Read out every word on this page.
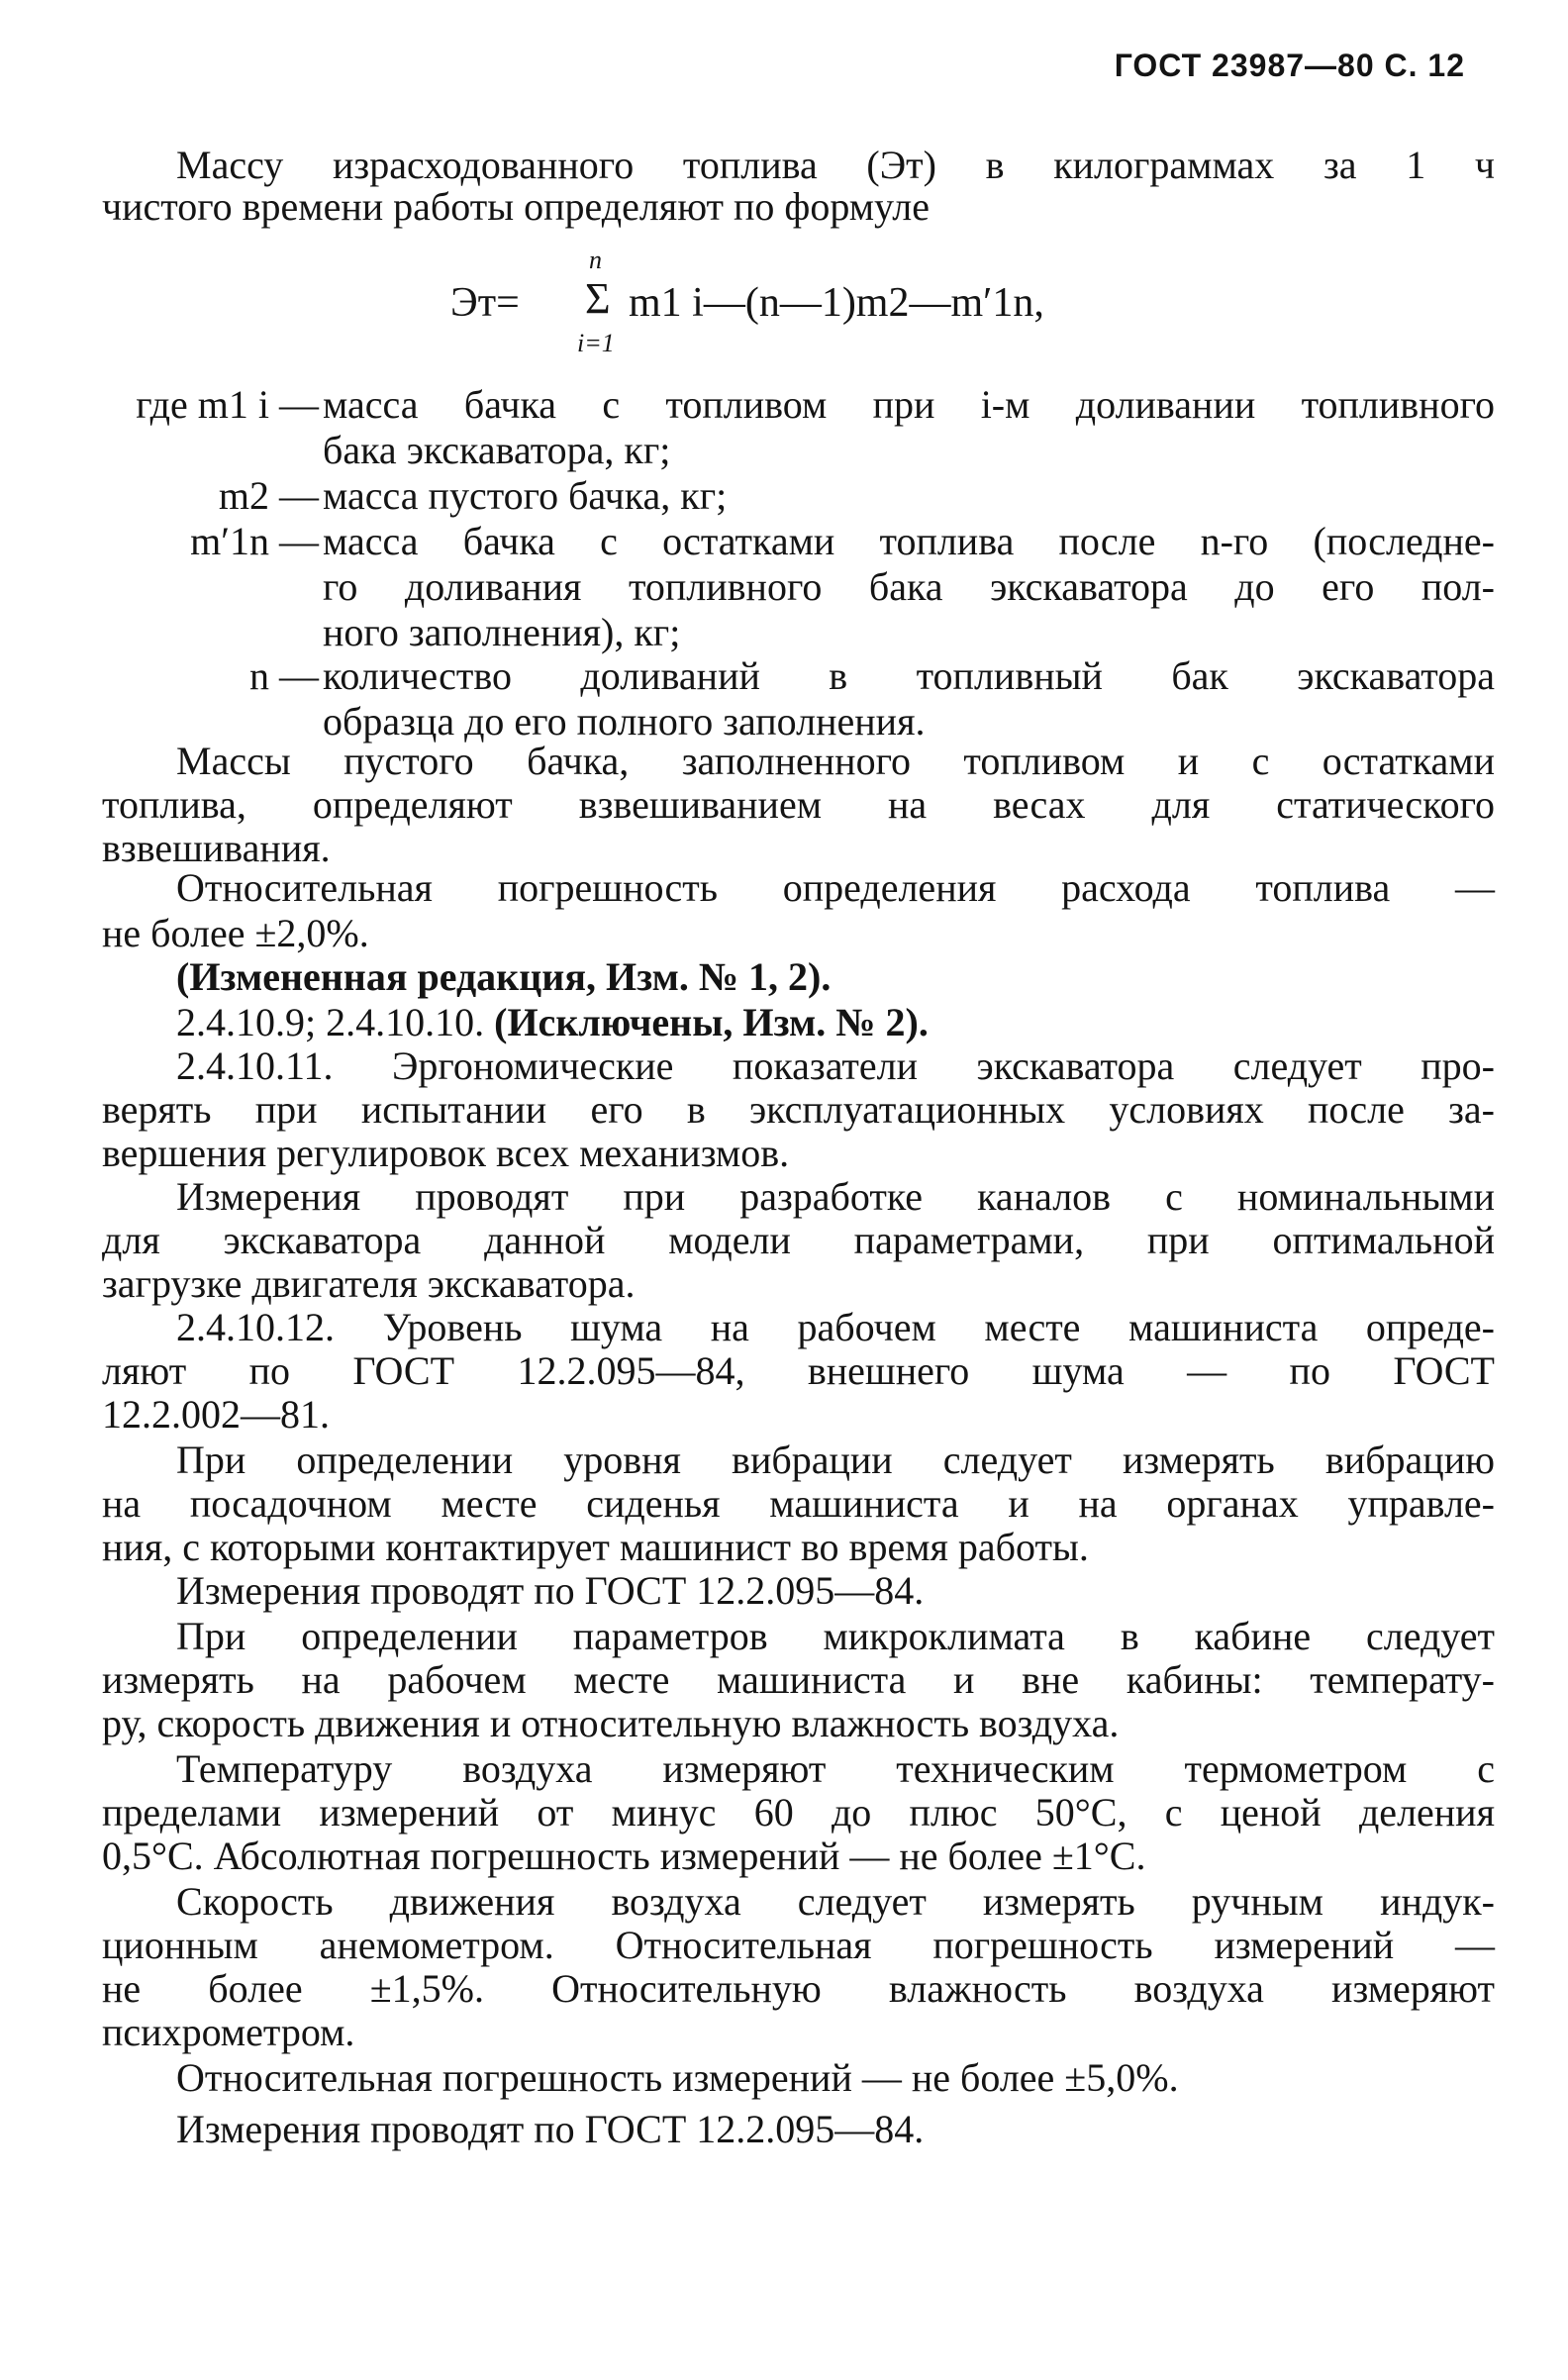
ГОСТ 23987—80 С. 12
Массу израсходованного топлива (Эт) в килограммах за 1 ч
чистого времени работы определяют по формуле
Эт=
n
Σ
i=1
m1 i—(n—1)m2—m′1n,
где m1 i — масса бачка с топливом при i-м доливании топливного
бака экскаватора, кг;
m2 — масса пустого бачка, кг;
m′1n — масса бачка с остатками топлива после n-го (последне-
го доливания топливного бака экскаватора до его пол-
ного заполнения), кг;
n — количество доливаний в топливный бак экскаватора
образца до его полного заполнения.
Массы пустого бачка, заполненного топливом и с остатками
топлива, определяют взвешиванием на весах для статического
взвешивания.
Относительная погрешность определения расхода топлива —
не более ±2,0%.
(Измененная редакция, Изм. № 1, 2).
2.4.10.9; 2.4.10.10. (Исключены, Изм. № 2).
2.4.10.11. Эргономические показатели экскаватора следует про-
верять при испытании его в эксплуатационных условиях после за-
вершения регулировок всех механизмов.
Измерения проводят при разработке каналов с номинальными
для экскаватора данной модели параметрами, при оптимальной
загрузке двигателя экскаватора.
2.4.10.12. Уровень шума на рабочем месте машиниста опреде-
ляют по ГОСТ 12.2.095—84, внешнего шума — по ГОСТ
12.2.002—81.
При определении уровня вибрации следует измерять вибрацию
на посадочном месте сиденья машиниста и на органах управле-
ния, с которыми контактирует машинист во время работы.
Измерения проводят по ГОСТ 12.2.095—84.
При определении параметров микроклимата в кабине следует
измерять на рабочем месте машиниста и вне кабины: температу-
ру, скорость движения и относительную влажность воздуха.
Температуру воздуха измеряют техническим термометром с
пределами измерений от минус 60 до плюс 50°С, с ценой деления
0,5°С. Абсолютная погрешность измерений — не более ±1°С.
Скорость движения воздуха следует измерять ручным индук-
ционным анемометром. Относительная погрешность измерений —
не более ±1,5%. Относительную влажность воздуха измеряют
психрометром.
Относительная погрешность измерений — не более ±5,0%.
Измерения проводят по ГОСТ 12.2.095—84.
